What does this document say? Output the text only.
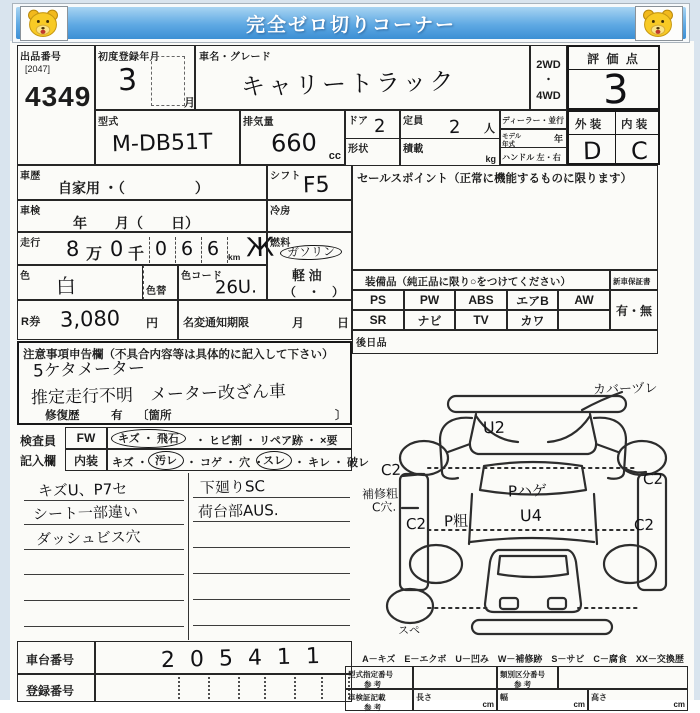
完全ゼロ切りコーナー
出品番号
[2047]
4349
初度登録年月
3
月
車名・グレード
キャリートラック
2WD
・
4WD
評 価 点
3
型式
M-DB51T
排気量
660 cc
ドア 2
形状
定員 2 人
積載
kg
ディーラー・並行
モデル
年式
年
ハンドル 左・右
外 装 内 装
D C
車歴
自家用 ・（　　　　　）
シフト F5
車検
年　　月（　　日）
冷房
走行 8 万 0 千 0 6 6 km Ж
燃料
ガソリン
軽 油
（　・　）
色 白	色替
色コード
26U.
R券 3,080 円 名変通知期限	月	日
セールスポイント（正常に機能するものに限ります）
装備品（純正品に限り○をつけてください）	新車保証書
PS	PW ABS エアB AW
SR	ナビ	TV	カワ
有・無
後日品
注意事項申告欄（不具合内容等は具体的に記入して下さい）
5ケタメーター
推定走行不明　メーター改ざん車
修復歴	有 〔箇所	〕
検査員
記入欄
FW	キズ ・ 飛石	・ ヒビ割 ・ リペア跡 ・ ×要
内装 キズ ・ 汚レ ・ コゲ ・ 穴 ・
スレ ・ キレ ・ 破レ
キズU、P7セ
シート一部違い
ダッシュビス穴
下廻りSC
荷台部AUS.
カバーヅレ
U2
C2
補修粗
C穴.
C2 P粗
Pハゲ
U4
C2
C2
スペ
A－キズ　E－エクボ　U－凹み　W－補修跡　S－サビ　C－腐食　XX－交換歴
車台番号	2 0 5 4 1 1
登録番号
型式指定番号
参 考
類別区分番号
参 考
車検証記載
参 考
長さ
cm
幅
cm
高さ
cm
